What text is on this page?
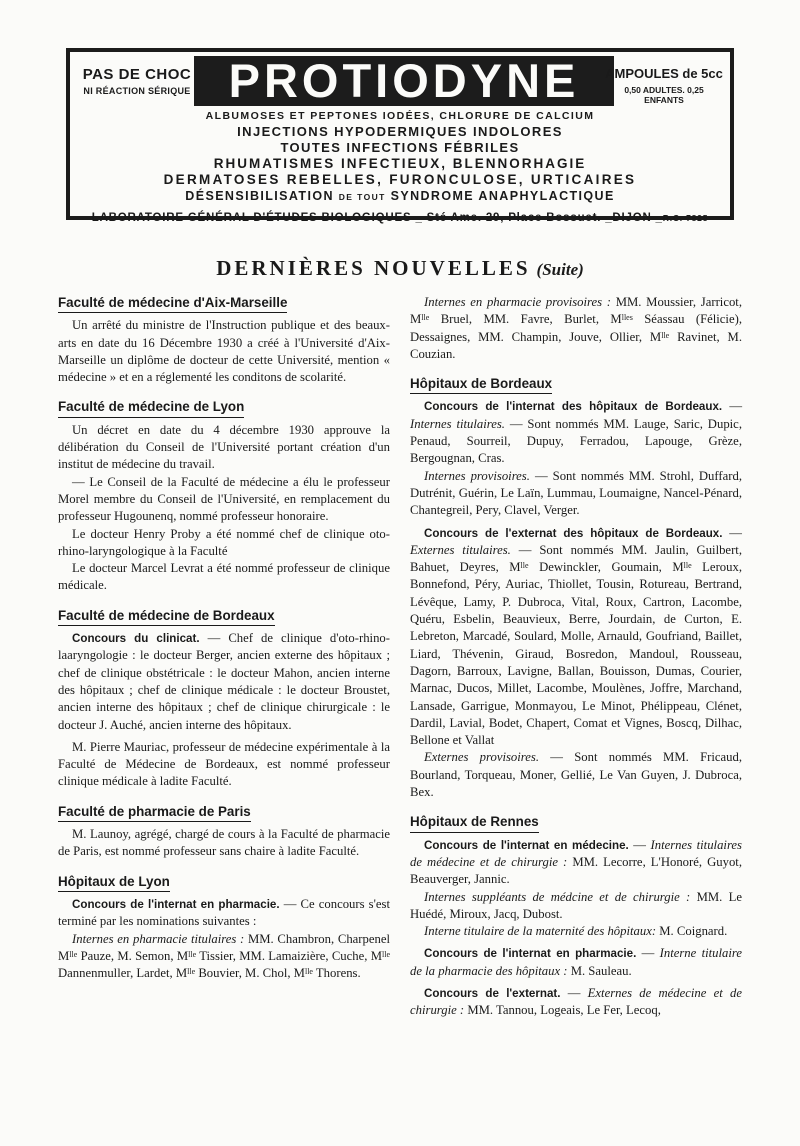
PAS DE CHOC
NI RÉACTION SÉRIQUE PROTIODYNE	AMPOULES de 5cc
0,50 ADULTES. 0,25 ENFANTS
ALBUMOSES ET PEPTONES IODÉES, CHLORURE DE CALCIUM
INJECTIONS HYPODERMIQUES INDOLORES
TOUTES INFECTIONS FÉBRILES
RHUMATISMES INFECTIEUX, BLENNORHAGIE
DERMATOSES REBELLES, FURONCULOSE, URTICAIRES
DÉSENSIBILISATION DE TOUT SYNDROME ANAPHYLACTIQUE
LABORATOIRE GÉNÉRAL D'ÉTUDES BIOLOGIQUES _ Sté Ame. 29, Place Bossuet. _DIJON _R.C. 7825
DERNIÈRES NOUVELLES (Suite)
Faculté de médecine d'Aix-Marseille

Un arrêté du ministre de l'Instruction publique et des beaux-arts en date du 16 Décembre 1930 a créé à l'Université d'Aix-Marseille un diplôme de docteur de cette Université, mention « médecine » et en a réglementé les conditons de scolarité.

Faculté de médecine de Lyon

Un décret en date du 4 décembre 1930 approuve la délibération du Conseil de l'Université portant création d'un institut de médecine du travail.

— Le Conseil de la Faculté de médecine a élu le professeur Morel membre du Conseil de l'Université, en remplacement du professeur Hugounenq, nommé professeur honoraire.

Le docteur Henry Proby a été nommé chef de clinique oto-rhino-laryngologique à la Faculté

Le docteur Marcel Levrat a été nommé professeur de clinique médicale.

Faculté de médecine de Bordeaux

Concours du clinicat. — Chef de clinique d'oto-rhino-laaryngologie : le docteur Berger, ancien externe des hôpitaux ; chef de clinique obstétricale : le docteur Mahon, ancien interne des hôpitaux ; chef de clinique médicale : le docteur Broustet, ancien interne des hôpitaux ; chef de clinique chirurgicale : le docteur J. Auché, ancien interne des hôpitaux.

M. Pierre Mauriac, professeur de médecine expérimentale à la Faculté de Médecine de Bordeaux, est nommé professeur clinique médicale à ladite Faculté.

Faculté de pharmacie de Paris

M. Launoy, agrégé, chargé de cours à la Faculté de pharmacie de Paris, est nommé professeur sans chaire à ladite Faculté.

Hôpitaux de Lyon

Concours de l'internat en pharmacie. — Ce concours s'est terminé par les nominations suivantes :

Internes en pharmacie titulaires : MM. Chambron, Charpenel $M^{lle}$ Pauze, M. Semon, $M^{lle}$ Tissier, MM. Lamaizière, Cuche, $M^{lle}$ Dannenmuller, Lardet, $M^{lle}$ Bouvier, M. Chol, $M^{lle}$ Thorens.

Internes en pharmacie provisoires : MM. Moussier, Jarricot, $M^{lle}$ Bruel, MM. Favre, Burlet, $M^{lles}$ Séassau (Félicie), Dessaignes, MM. Champin, Jouve, Ollier, $M^{lle}$ Ravinet, M. Couzian.

Hôpitaux de Bordeaux

Concours de l'internat des hôpitaux de Bordeaux. — Internes titulaires. — Sont nommés MM. Lauge, Saric, Dupic, Penaud, Sourreil, Dupuy, Ferradou, Lapouge, Grèze, Bergougnan, Cras.

Internes provisoires. — Sont nommés MM. Strohl, Duffard, Dutrénit, Guérin, Le Laïn, Lummau, Loumaigne, Nancel-Pénard, Chantegreil, Pery, Clavel, Verger.

Concours de l'externat des hôpitaux de Bordeaux. — Externes titulaires. — Sont nommés MM. Jaulin, Guilbert, Bahuet, Deyres, $M^{lle}$ Dewinckler, Goumain, $M^{lle}$ Leroux, Bonnefond, Péry, Auriac, Thiollet, Tousin, Rotureau, Bertrand, Lévêque, Lamy, P. Dubroca, Vital, Roux, Cartron, Lacombe, Quéru, Esbelin, Beauvieux, Berre, Jourdain, de Curton, E. Lebreton, Marcadé, Soulard, Molle, Arnauld, Goufriand, Baillet, Liard, Thévenin, Giraud, Bosredon, Mandoul, Rousseau, Dagorn, Barroux, Lavigne, Ballan, Bouisson, Dumas, Courier, Marnac, Ducos, Millet, Lacombe, Moulènes, Joffre, Marchand, Lansade, Garrigue, Monmayou, Le Minot, Phélippeau, Clénet, Dardil, Lavial, Bodet, Chapert, Comat et Vignes, Boscq, Dilhac, Bellone et Vallat

Externes provisoires. — Sont nommés MM. Fricaud, Bourland, Torqueau, Moner, Gellié, Le Van Guyen, J. Dubroca, Bex.

Hôpitaux de Rennes

Concours de l'internat en médecine. — Internes titulaires de médecine et de chirurgie : MM. Lecorre, L'Honoré, Guyot, Beauverger, Jannic.

Internes suppléants de médcine et de chirurgie : MM. Le Huédé, Miroux, Jacq, Dubost.

Interne titulaire de la maternité des hôpitaux: M. Coignard.

Concours de l'internat en pharmacie. — Interne titulaire de la pharmacie des hôpitaux : M. Sauleau.

Concours de l'externat. — Externes de médecine et de chirurgie : MM. Tannou, Logeais, Le Fer, Lecoq,
